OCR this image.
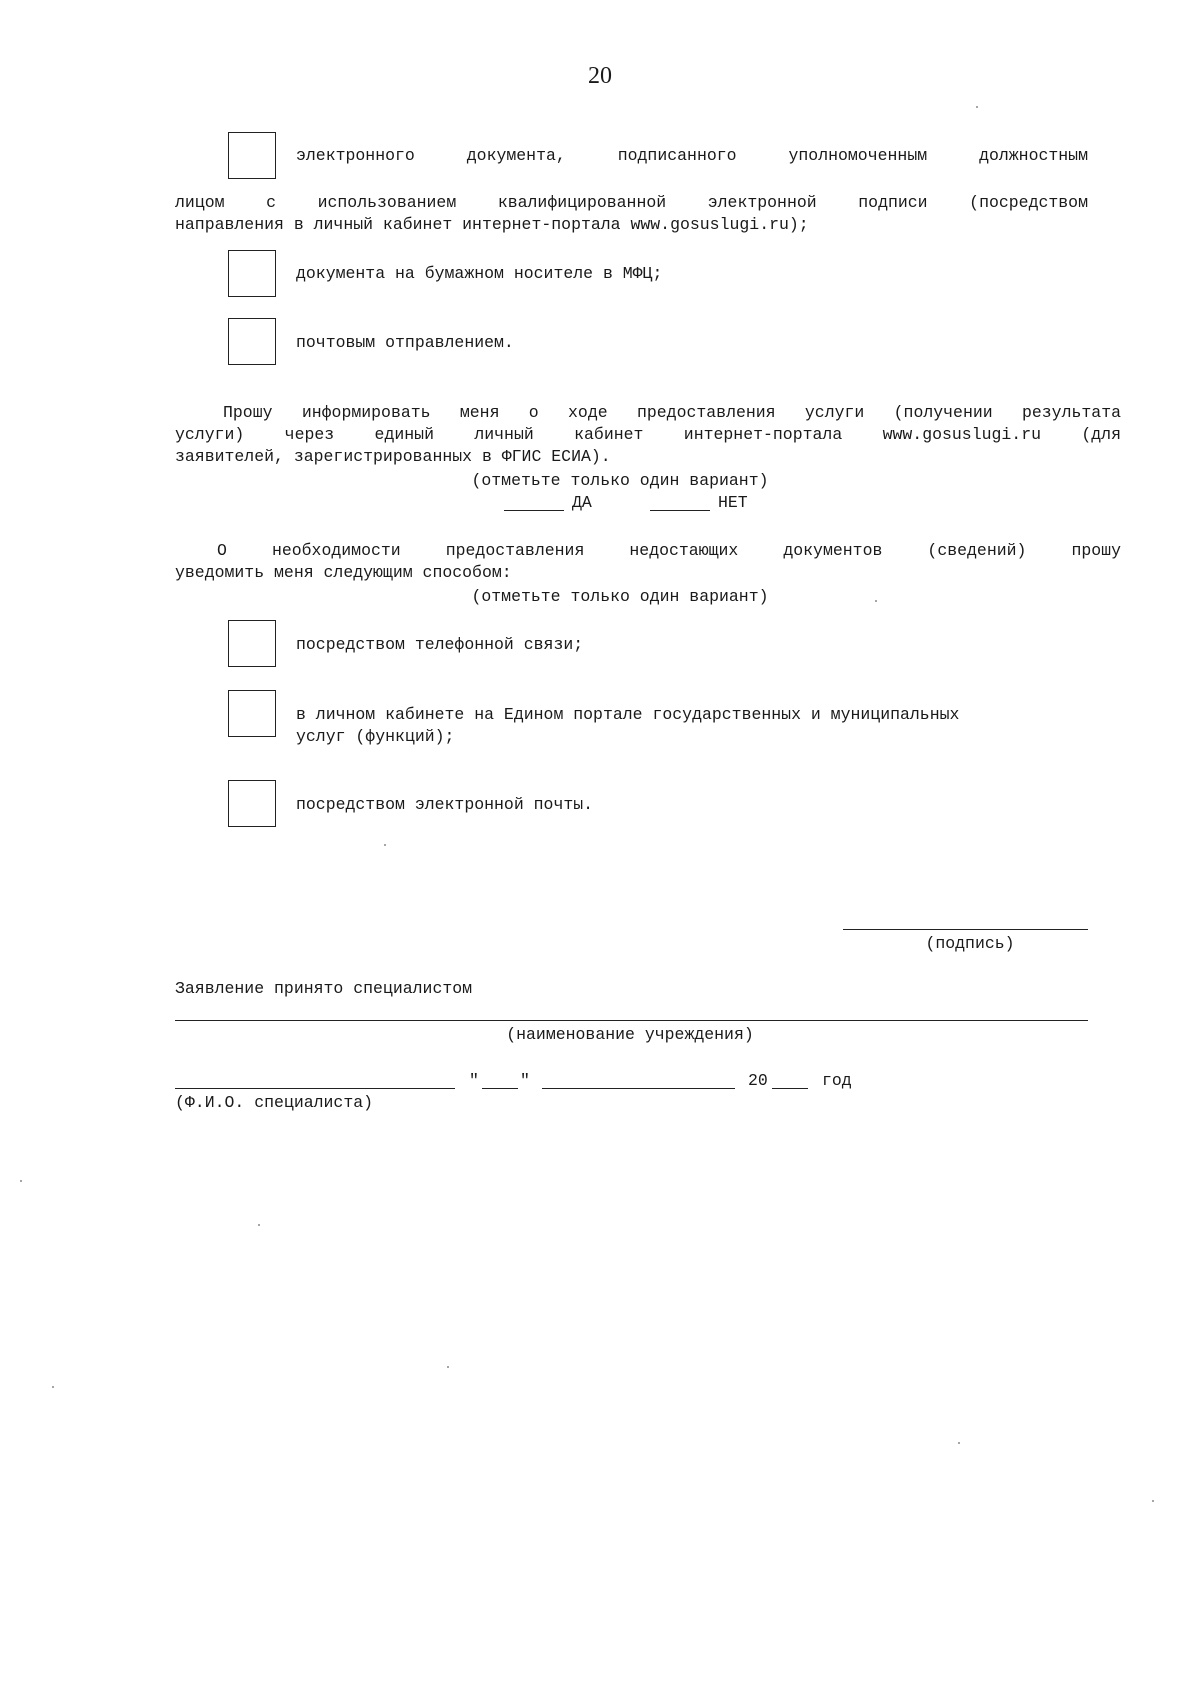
20
электронного документа, подписанного уполномоченным должностным
лицом с использованием квалифицированной электронной подписи (посредством
направления в личный кабинет интернет-портала www.gosuslugi.ru);
документа на бумажном носителе в МФЦ;
почтовым отправлением.
Прошу информировать меня о ходе предоставления услуги (получении результата
услуги) через единый личный кабинет интернет-портала www.gosuslugi.ru (для
заявителей, зарегистрированных в ФГИС ЕСИА).
(отметьте только один вариант)
ДА	НЕТ
О необходимости предоставления недостающих документов (сведений) прошу
уведомить меня следующим способом:
(отметьте только один вариант)
посредством телефонной связи;
в личном кабинете на Едином портале государственных и муниципальных
услуг (функций);
посредством электронной почты.
(подпись)
Заявление принято специалистом
(наименование учреждения)
" "	20	год
(Ф.И.О. специалиста)
